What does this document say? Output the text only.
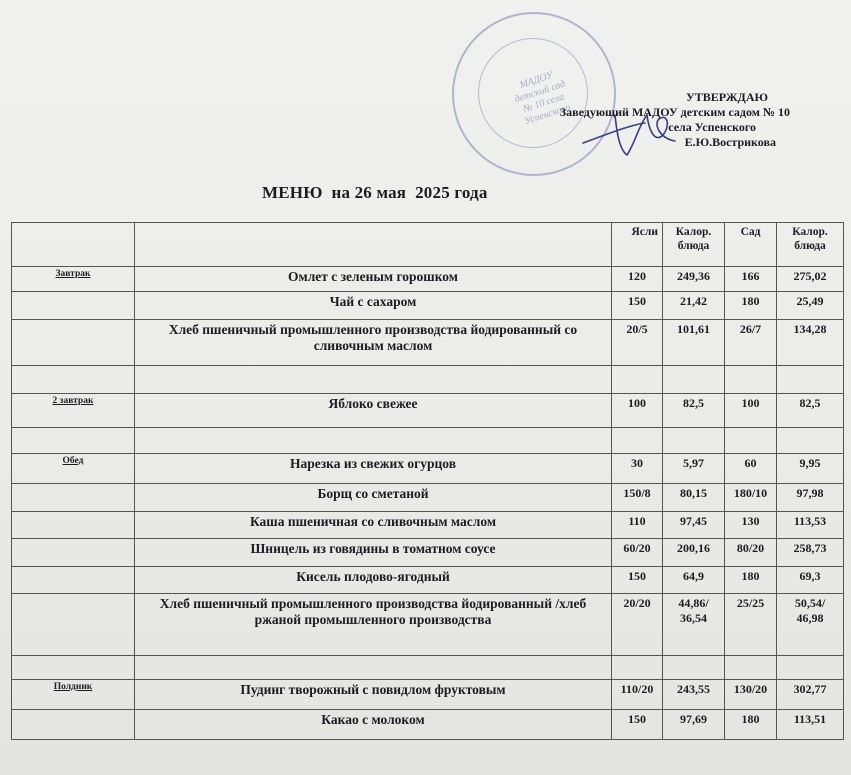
МАДОУ детский сад № 10 села Успенского
УТВЕРЖДАЮ
Заведующий МАДОУ детским садом № 10
села Успенского
Е.Ю.Вострикова
МЕНЮ  на 26 мая  2025 года
		Ясли	Калор. блюда	Сад	Калор. блюда
Завтрак	Омлет с зеленым горошком	120	249,36	166	275,02
	Чай с сахаром	150	21,42	180	25,49
	Хлеб пшеничный промышленного производства йодированный со сливочным маслом	20/5	101,61	26/7	134,28

2 завтрак	Яблоко свежее	100	82,5	100	82,5

Обед	Нарезка из свежих огурцов	30	5,97	60	9,95
	Борщ со сметаной	150/8	80,15	180/10	97,98
	Каша пшеничная со сливочным маслом	110	97,45	130	113,53
	Шницель из говядины в томатном соусе	60/20	200,16	80/20	258,73
	Кисель плодово-ягодный	150	64,9	180	69,3
	Хлеб пшеничный промышленного производства йодированный /хлеб ржаной промышленного производства	20/20	44,86/ 36,54	25/25	50,54/ 46,98

Полдник	Пудинг творожный с повидлом фруктовым	110/20	243,55	130/20	302,77
	Какао с молоком	150	97,69	180	113,51
